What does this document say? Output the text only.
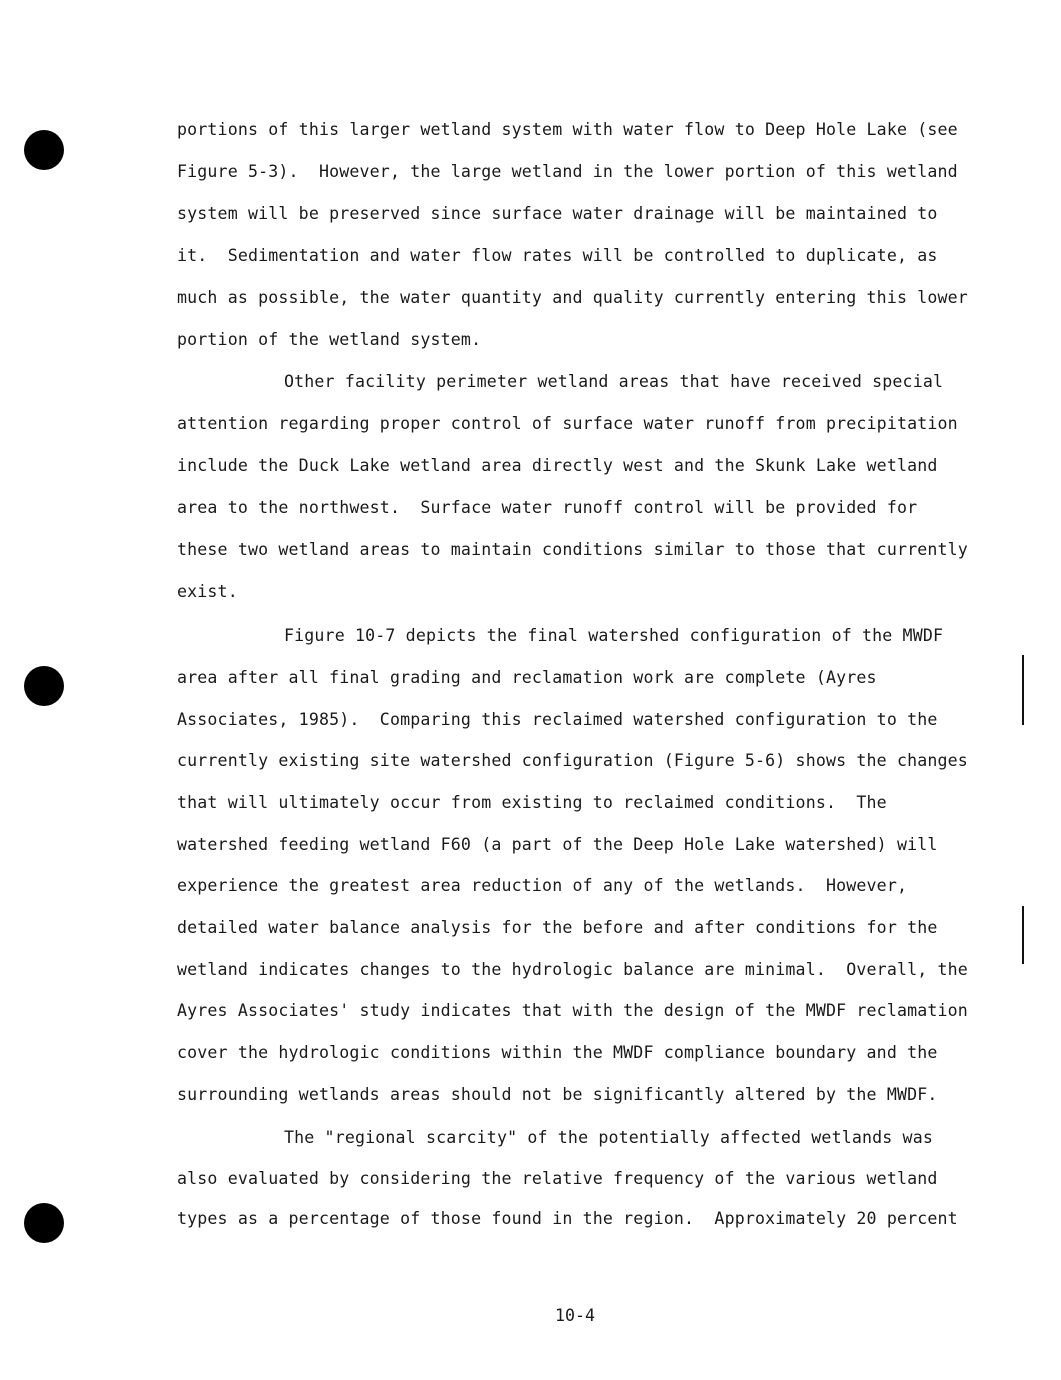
portions of this larger wetland system with water flow to Deep Hole Lake (see
Figure 5-3).  However, the large wetland in the lower portion of this wetland
system will be preserved since surface water drainage will be maintained to
it.  Sedimentation and water flow rates will be controlled to duplicate, as
much as possible, the water quantity and quality currently entering this lower
portion of the wetland system.
Other facility perimeter wetland areas that have received special
attention regarding proper control of surface water runoff from precipitation
include the Duck Lake wetland area directly west and the Skunk Lake wetland
area to the northwest.  Surface water runoff control will be provided for
these two wetland areas to maintain conditions similar to those that currently
exist.
Figure 10-7 depicts the final watershed configuration of the MWDF
area after all final grading and reclamation work are complete (Ayres
Associates, 1985).  Comparing this reclaimed watershed configuration to the
currently existing site watershed configuration (Figure 5-6) shows the changes
that will ultimately occur from existing to reclaimed conditions.  The
watershed feeding wetland F60 (a part of the Deep Hole Lake watershed) will
experience the greatest area reduction of any of the wetlands.  However,
detailed water balance analysis for the before and after conditions for the
wetland indicates changes to the hydrologic balance are minimal.  Overall, the
Ayres Associates' study indicates that with the design of the MWDF reclamation
cover the hydrologic conditions within the MWDF compliance boundary and the
surrounding wetlands areas should not be significantly altered by the MWDF.
The "regional scarcity" of the potentially affected wetlands was
also evaluated by considering the relative frequency of the various wetland
types as a percentage of those found in the region.  Approximately 20 percent
10-4
